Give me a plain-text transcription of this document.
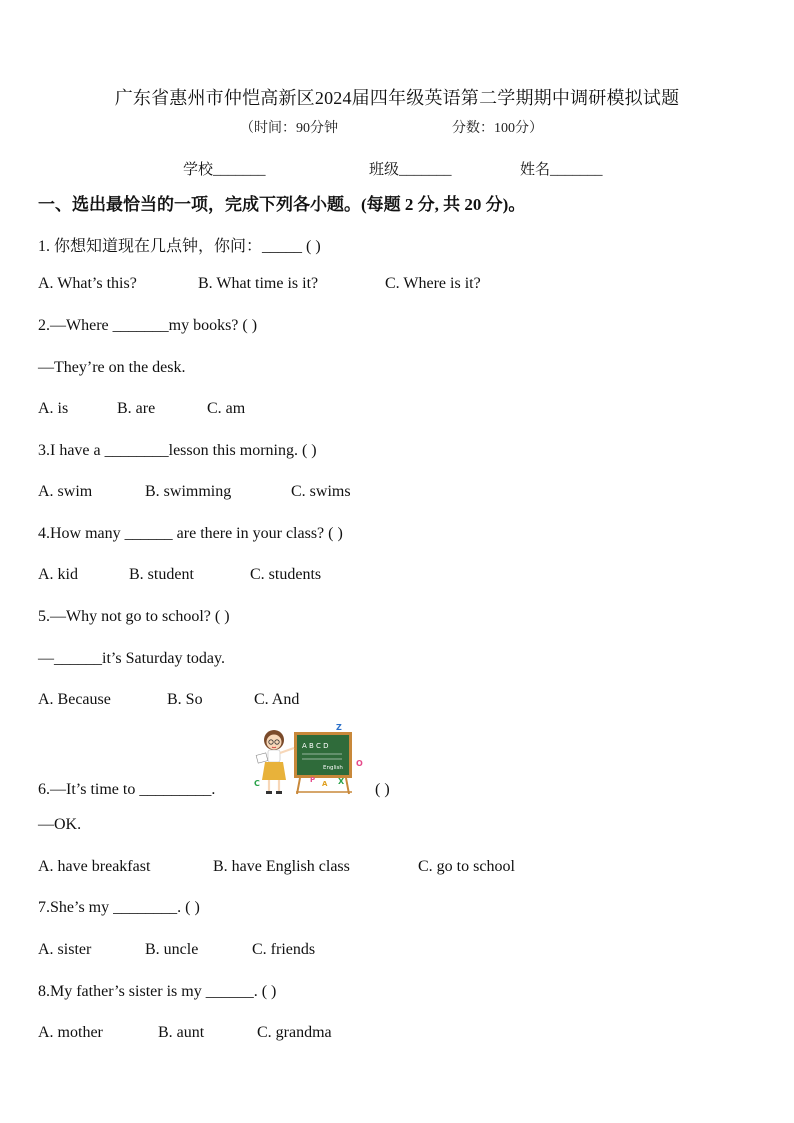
广东省惠州市仲恺高新区2024届四年级英语第二学期期中调研模拟试题
（时间：90分钟	分数：100分）
学校_______	班级_______	姓名_______
一、选出最恰当的一项，完成下列各小题。(每题 2 分, 共 20 分)。
1. 你想知道现在几点钟，你问：_____ ( )
A. What’s this?	B. What time is it?	C. Where is it?
2.—Where _______my books? ( )
—They’re on the desk.
A. is	B. are	C. am
3.I have a ________lesson this morning. ( )
A. swim	B. swimming	C. swims
4.How many ______ are there in your class? ( )
A. kid	B. student	C. students
5.—Why not go to school? ( )
—______it’s Saturday today.
A. Because	B. So	C. And
A B C D
English
Z
O
X
C	P A
6.—It’s time to _________.	( )
—OK.
A. have breakfast	B. have English class	C. go to school
7.She’s my ________. ( )
A. sister	B. uncle	C. friends
8.My father’s sister is my ______. ( )
A. mother	B. aunt	C. grandma
